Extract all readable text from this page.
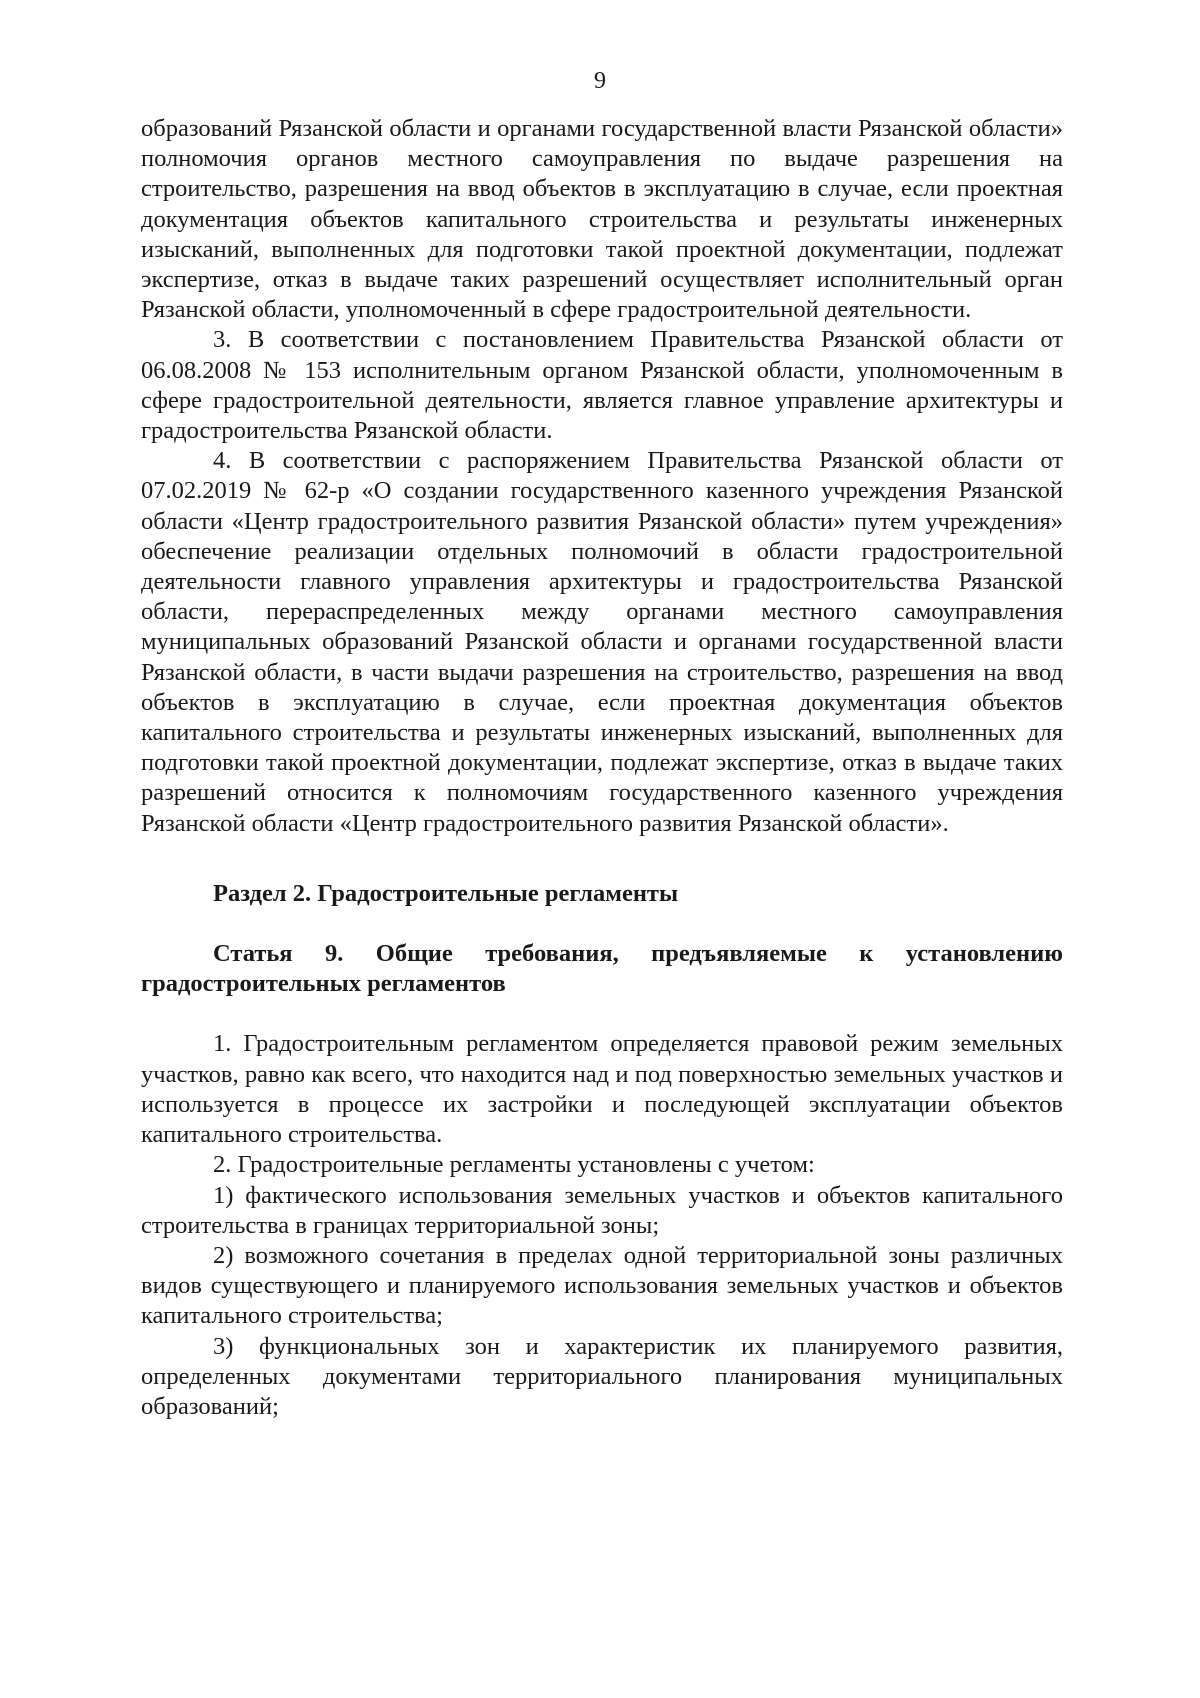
9

образований Рязанской области и органами государственной власти Рязанской области» полномочия органов местного самоуправления по выдаче разрешения на строительство, разрешения на ввод объектов в эксплуатацию в случае, если проектная документация объектов капитального строительства и результаты инженерных изысканий, выполненных для подготовки такой проектной документации, подлежат экспертизе, отказ в выдаче таких разрешений осуществляет исполнительный орган Рязанской области, уполномоченный в сфере градостроительной деятельности.

3. В соответствии с постановлением Правительства Рязанской области от 06.08.2008 № 153 исполнительным органом Рязанской области, уполномоченным в сфере градостроительной деятельности, является главное управление архитектуры и градостроительства Рязанской области.

4. В соответствии с распоряжением Правительства Рязанской области от 07.02.2019 № 62-р «О создании государственного казенного учреждения Рязанской области «Центр градостроительного развития Рязанской области» путем учреждения» обеспечение реализации отдельных полномочий в области градостроительной деятельности главного управления архитектуры и градостроительства Рязанской области, перераспределенных между органами местного самоуправления муниципальных образований Рязанской области и органами государственной власти Рязанской области, в части выдачи разрешения на строительство, разрешения на ввод объектов в эксплуатацию в случае, если проектная документация объектов капитального строительства и результаты инженерных изысканий, выполненных для подготовки такой проектной документации, подлежат экспертизе, отказ в выдаче таких разрешений относится к полномочиям государственного казенного учреждения Рязанской области «Центр градостроительного развития Рязанской области».

Раздел 2. Градостроительные регламенты

Статья 9. Общие требования, предъявляемые к установлению градостроительных регламентов

1. Градостроительным регламентом определяется правовой режим земельных участков, равно как всего, что находится над и под поверхностью земельных участков и используется в процессе их застройки и последующей эксплуатации объектов капитального строительства.

2. Градостроительные регламенты установлены с учетом:

1) фактического использования земельных участков и объектов капитального строительства в границах территориальной зоны;

2) возможного сочетания в пределах одной территориальной зоны различных видов существующего и планируемого использования земельных участков и объектов капитального строительства;

3) функциональных зон и характеристик их планируемого развития, определенных документами территориального планирования муниципальных образований;
